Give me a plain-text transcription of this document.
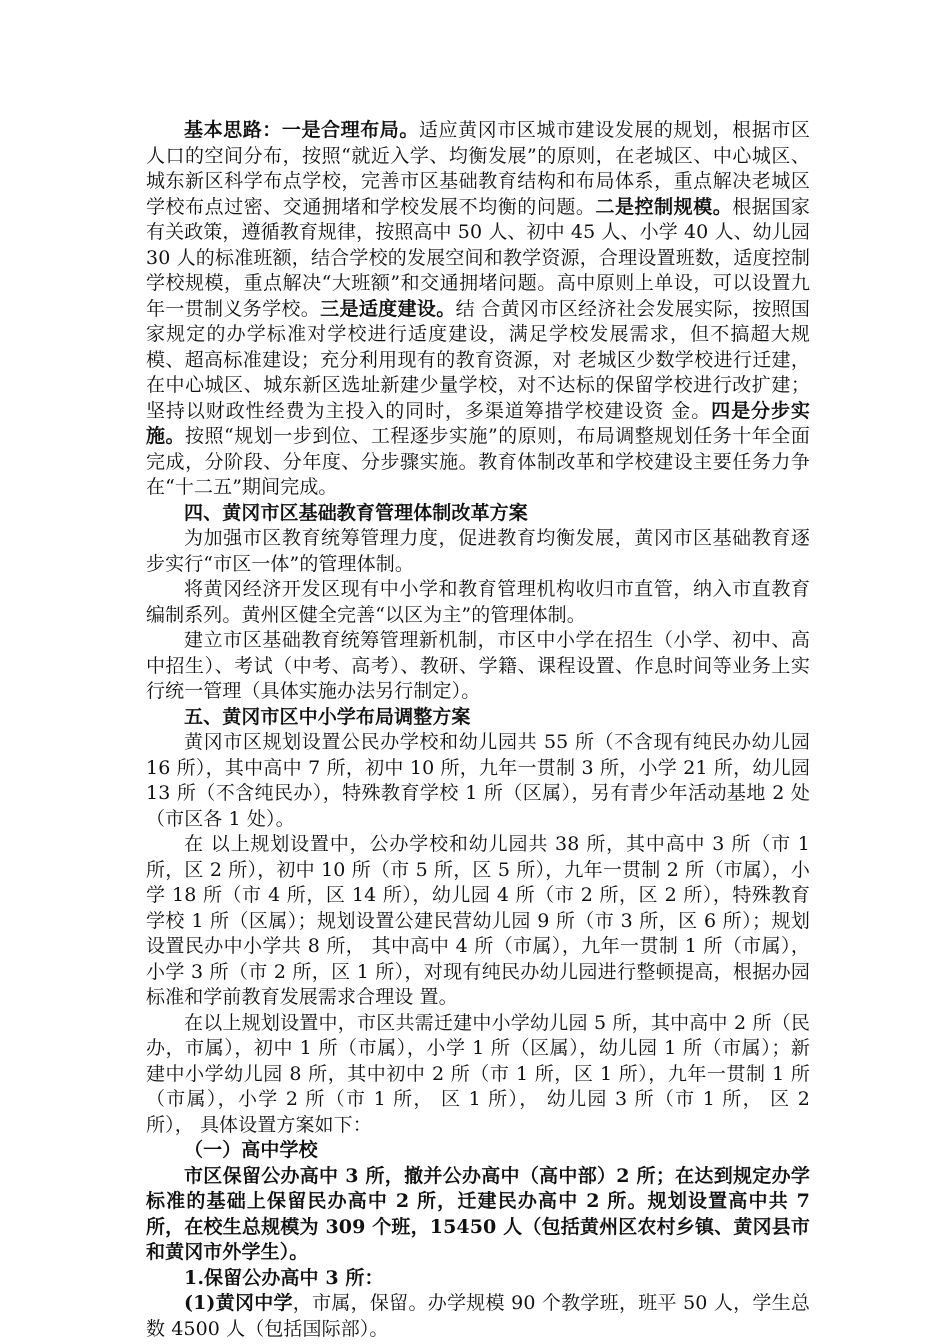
基本思路：一是合理布局。适应黄冈市区城市建设发展的规划，根据市区人口的空间分布，按照“就近入学、均衡发展”的原则，在老城区、中心城区、城东新区科学布点学校，完善市区基础教育结构和布局体系，重点解决老城区学校布点过密、交通拥堵和学校发展不均衡的问题。二是控制规模。根据国家有关政策，遵循教育规律，按照高中 50 人、初中 45 人、小学 40 人、幼儿园 30 人的标准班额，结合学校的发展空间和教学资源，合理设置班数，适度控制学校规模，重点解决“大班额”和交通拥堵问题。高中原则上单设，可以设置九年一贯制义务学校。三是适度建设。结 合黄冈市区经济社会发展实际，按照国家规定的办学标准对学校进行适度建设，满足学校发展需求，但不搞超大规模、超高标准建设；充分利用现有的教育资源，对 老城区少数学校进行迁建，在中心城区、城东新区选址新建少量学校，对不达标的保留学校进行改扩建；坚持以财政性经费为主投入的同时，多渠道筹措学校建设资 金。四是分步实施。按照“规划一步到位、工程逐步实施”的原则，布局调整规划任务十年全面完成，分阶段、分年度、分步骤实施。教育体制改革和学校建设主要任务力争在“十二五”期间完成。

四、黄冈市区基础教育管理体制改革方案

为加强市区教育统筹管理力度，促进教育均衡发展，黄冈市区基础教育逐步实行“市区一体”的管理体制。

将黄冈经济开发区现有中小学和教育管理机构收归市直管，纳入市直教育编制系列。黄州区健全完善“以区为主”的管理体制。

建立市区基础教育统筹管理新机制，市区中小学在招生（小学、初中、高中招生）、考试（中考、高考）、教研、学籍、课程设置、作息时间等业务上实行统一管理（具体实施办法另行制定）。

五、黄冈市区中小学布局调整方案

黄冈市区规划设置公民办学校和幼儿园共 55 所（不含现有纯民办幼儿园 16 所），其中高中 7 所，初中 10 所，九年一贯制 3 所，小学 21 所，幼儿园 13 所（不含纯民办），特殊教育学校 1 所（区属），另有青少年活动基地 2 处（市区各 1 处）。

在 以上规划设置中，公办学校和幼儿园共 38 所，其中高中 3 所（市 1 所，区 2 所），初中 10 所（市 5 所，区 5 所），九年一贯制 2 所（市属），小学 18 所（市 4 所，区 14 所），幼儿园 4 所（市 2 所，区 2 所），特殊教育学校 1 所（区属）；规划设置公建民营幼儿园 9 所（市 3 所，区 6 所）；规划设置民办中小学共 8 所， 其中高中 4 所（市属），九年一贯制 1 所（市属），小学 3 所（市 2 所，区 1 所），对现有纯民办幼儿园进行整顿提高，根据办园标准和学前教育发展需求合理设 置。

在以上规划设置中，市区共需迁建中小学幼儿园 5 所，其中高中 2 所（民办，市属），初中 1 所（市属），小学 1 所（区属），幼儿园 1 所（市属）；新建中小学幼儿园 8 所，其中初中 2 所（市 1 所，区 1 所），九年一贯制 1 所（市属），小学 2 所（市 1 所， 区 1 所）， 幼儿园 3 所（市 1 所， 区 2 所）， 具体设置方案如下：

（一）高中学校

市区保留公办高中 3 所，撤并公办高中（高中部）2 所；在达到规定办学标准的基础上保留民办高中 2 所，迁建民办高中 2 所。规划设置高中共 7 所，在校生总规模为 309 个班，15450 人（包括黄州区农村乡镇、黄冈县市和黄冈市外学生）。

1.保留公办高中 3 所：

(1)黄冈中学，市属，保留。办学规模 90 个教学班，班平 50 人，学生总数 4500 人（包括国际部）。
